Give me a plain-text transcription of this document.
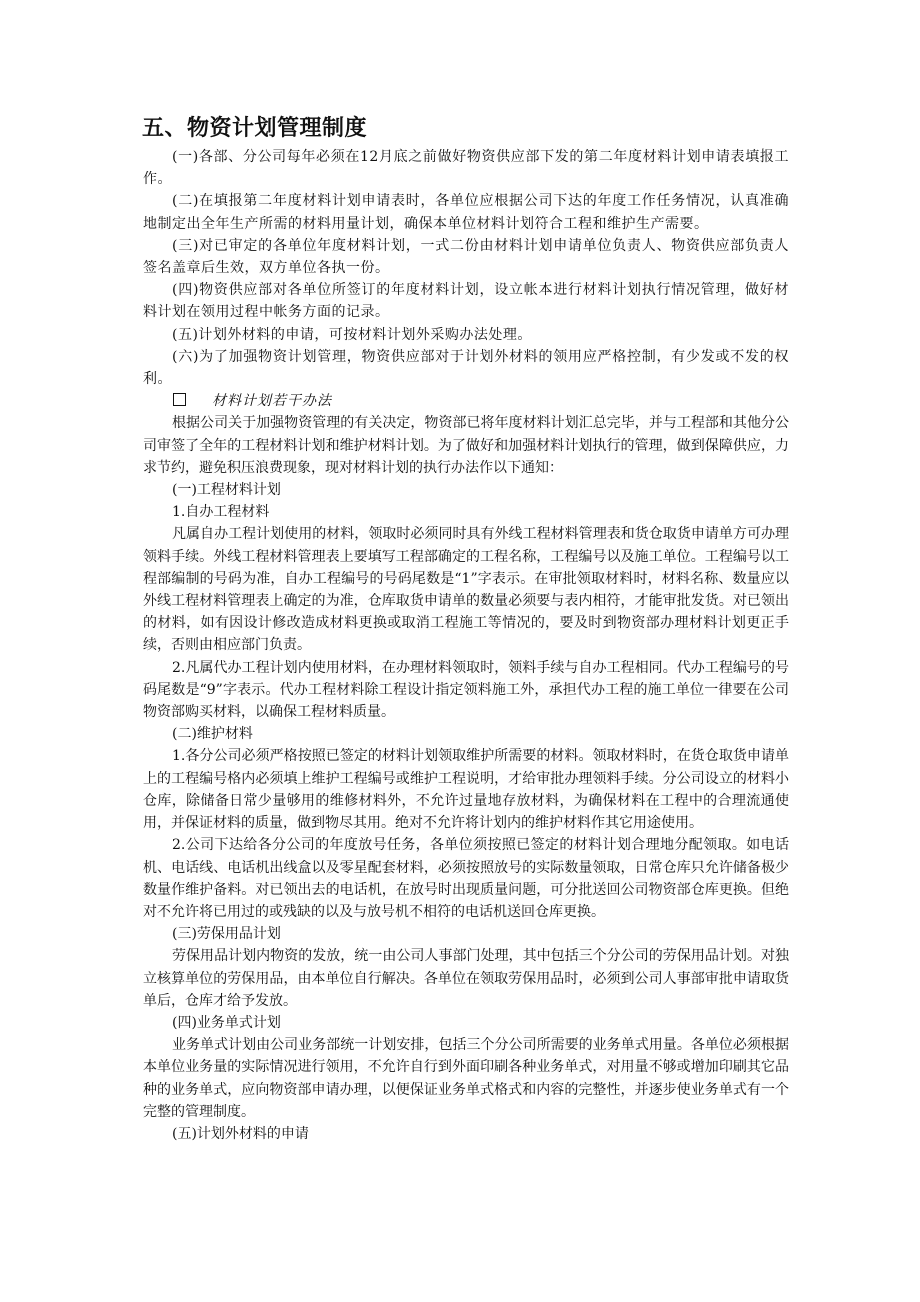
五、物资计划管理制度

(一)各部、分公司每年必须在12月底之前做好物资供应部下发的第二年度材料计划申请表填报工作。

(二)在填报第二年度材料计划申请表时，各单位应根据公司下达的年度工作任务情况，认真准确地制定出全年生产所需的材料用量计划，确保本单位材料计划符合工程和维护生产需要。

(三)对已审定的各单位年度材料计划，一式二份由材料计划申请单位负责人、物资供应部负责人签名盖章后生效，双方单位各执一份。

(四)物资供应部对各单位所签订的年度材料计划，设立帐本进行材料计划执行情况管理，做好材料计划在领用过程中帐务方面的记录。

(五)计划外材料的申请，可按材料计划外采购办法处理。

(六)为了加强物资计划管理，物资供应部对于计划外材料的领用应严格控制，有少发或不发的权利。

材料计划若干办法

根据公司关于加强物资管理的有关决定，物资部已将年度材料计划汇总完毕，并与工程部和其他分公司审签了全年的工程材料计划和维护材料计划。为了做好和加强材料计划执行的管理，做到保障供应，力求节约，避免积压浪费现象，现对材料计划的执行办法作以下通知：

(一)工程材料计划

1.自办工程材料

凡属自办工程计划使用的材料，领取时必须同时具有外线工程材料管理表和货仓取货申请单方可办理领料手续。外线工程材料管理表上要填写工程部确定的工程名称，工程编号以及施工单位。工程编号以工程部编制的号码为准，自办工程编号的号码尾数是“1”字表示。在审批领取材料时，材料名称、数量应以外线工程材料管理表上确定的为准，仓库取货申请单的数量必须要与表内相符，才能审批发货。对已领出的材料，如有因设计修改造成材料更换或取消工程施工等情况的，要及时到物资部办理材料计划更正手续，否则由相应部门负责。

2.凡属代办工程计划内使用材料，在办理材料领取时，领料手续与自办工程相同。代办工程编号的号码尾数是“9”字表示。代办工程材料除工程设计指定领料施工外，承担代办工程的施工单位一律要在公司物资部购买材料，以确保工程材料质量。

(二)维护材料

1.各分公司必须严格按照已签定的材料计划领取维护所需要的材料。领取材料时，在货仓取货申请单上的工程编号格内必须填上维护工程编号或维护工程说明，才给审批办理领料手续。分公司设立的材料小仓库，除储备日常少量够用的维修材料外，不允许过量地存放材料，为确保材料在工程中的合理流通使用，并保证材料的质量，做到物尽其用。绝对不允许将计划内的维护材料作其它用途使用。

2.公司下达给各分公司的年度放号任务，各单位须按照已签定的材料计划合理地分配领取。如电话机、电话线、电话机出线盒以及零星配套材料，必须按照放号的实际数量领取，日常仓库只允许储备极少数量作维护备料。对已领出去的电话机，在放号时出现质量问题，可分批送回公司物资部仓库更换。但绝对不允许将已用过的或残缺的以及与放号机不相符的电话机送回仓库更换。

(三)劳保用品计划

劳保用品计划内物资的发放，统一由公司人事部门处理，其中包括三个分公司的劳保用品计划。对独立核算单位的劳保用品，由本单位自行解决。各单位在领取劳保用品时，必须到公司人事部审批申请取货单后，仓库才给予发放。

(四)业务单式计划

业务单式计划由公司业务部统一计划安排，包括三个分公司所需要的业务单式用量。各单位必须根据本单位业务量的实际情况进行领用，不允许自行到外面印刷各种业务单式，对用量不够或增加印刷其它品种的业务单式，应向物资部申请办理，以便保证业务单式格式和内容的完整性，并逐步使业务单式有一个完整的管理制度。

(五)计划外材料的申请
